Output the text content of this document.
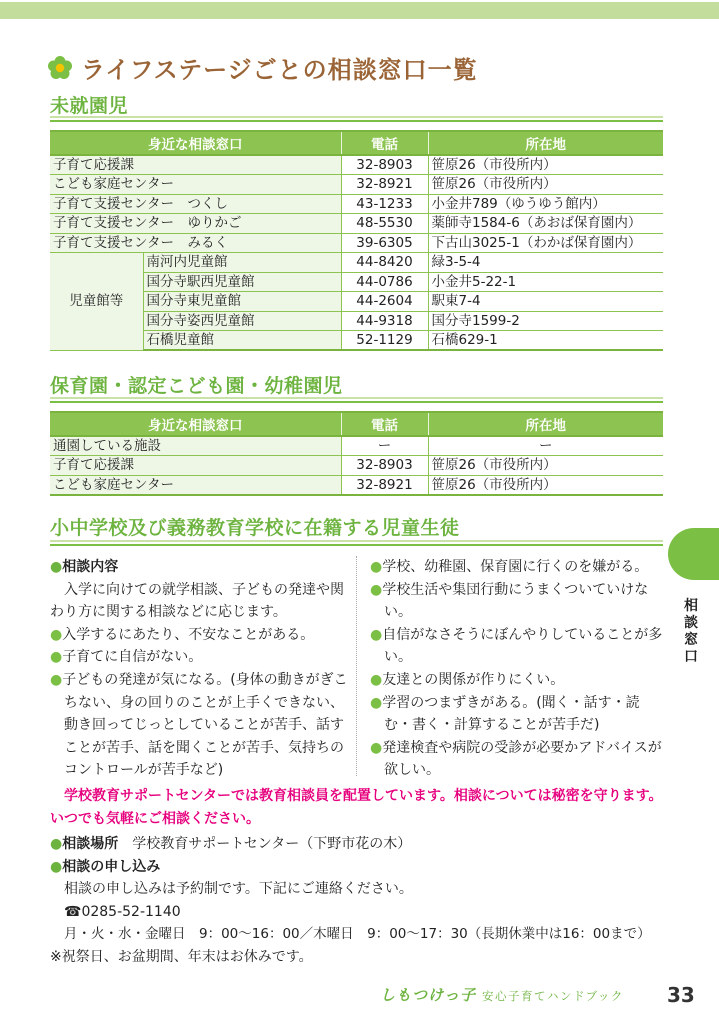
ライフステージごとの相談窓口一覧
未就園児
身近な相談窓口		電話	所在地
子育て応援課		32-8903	笹原26（市役所内）
こども家庭センター		32-8921	笹原26（市役所内）
子育て支援センター　つくし		43-1233	小金井789（ゆうゆう館内）
子育て支援センター　ゆりかご		48-5530	薬師寺1584-6（あおば保育園内）
子育て支援センター　みるく		39-6305	下古山3025-1（わかば保育園内）
児童館等	南河内児童館	44-8420	緑3-5-4
	国分寺駅西児童館	44-0786	小金井5-22-1
	国分寺東児童館	44-2604	駅東7-4
	国分寺姿西児童館	44-9318	国分寺1599-2
	石橋児童館	52-1129	石橋629-1
保育園・認定こども園・幼稚園児
身近な相談窓口	電話	所在地
通園している施設	ー	ー
子育て応援課	32-8903	笹原26（市役所内）
こども家庭センター	32-8921	笹原26（市役所内）
小中学校及び義務教育学校に在籍する児童生徒
●相談内容
入学に向けての就学相談、子どもの発達や関わり方に関する相談などに応じます。
●入学するにあたり、不安なことがある。
●子育てに自信がない。
●子どもの発達が気になる。(身体の動きがぎこちない、身の回りのことが上手くできない、動き回ってじっとしていることが苦手、話すことが苦手、話を聞くことが苦手、気持ちのコントロールが苦手など)
●学校、幼稚園、保育園に行くのを嫌がる。
●学校生活や集団行動にうまくついていけない。
●自信がなさそうにぼんやりしていることが多い。
●友達との関係が作りにくい。
●学習のつまずきがある。(聞く・話す・読む・書く・計算することが苦手だ)
●発達検査や病院の受診が必要かアドバイスが欲しい。
学校教育サポートセンターでは教育相談員を配置しています。相談については秘密を守ります。いつでも気軽にご相談ください。
●相談場所　 学校教育サポートセンター（下野市花の木）
●相談の申し込み
相談の申し込みは予約制です。下記にご連絡ください。
☎0285-52-1140
月・火・水・金曜日　9：00～16：00／木曜日　9：00～17：30（長期休業中は16：00まで）
※祝祭日、お盆期間、年末はお休みです。
相談窓口
しもつけっ子 安心子育てハンドブック 33
